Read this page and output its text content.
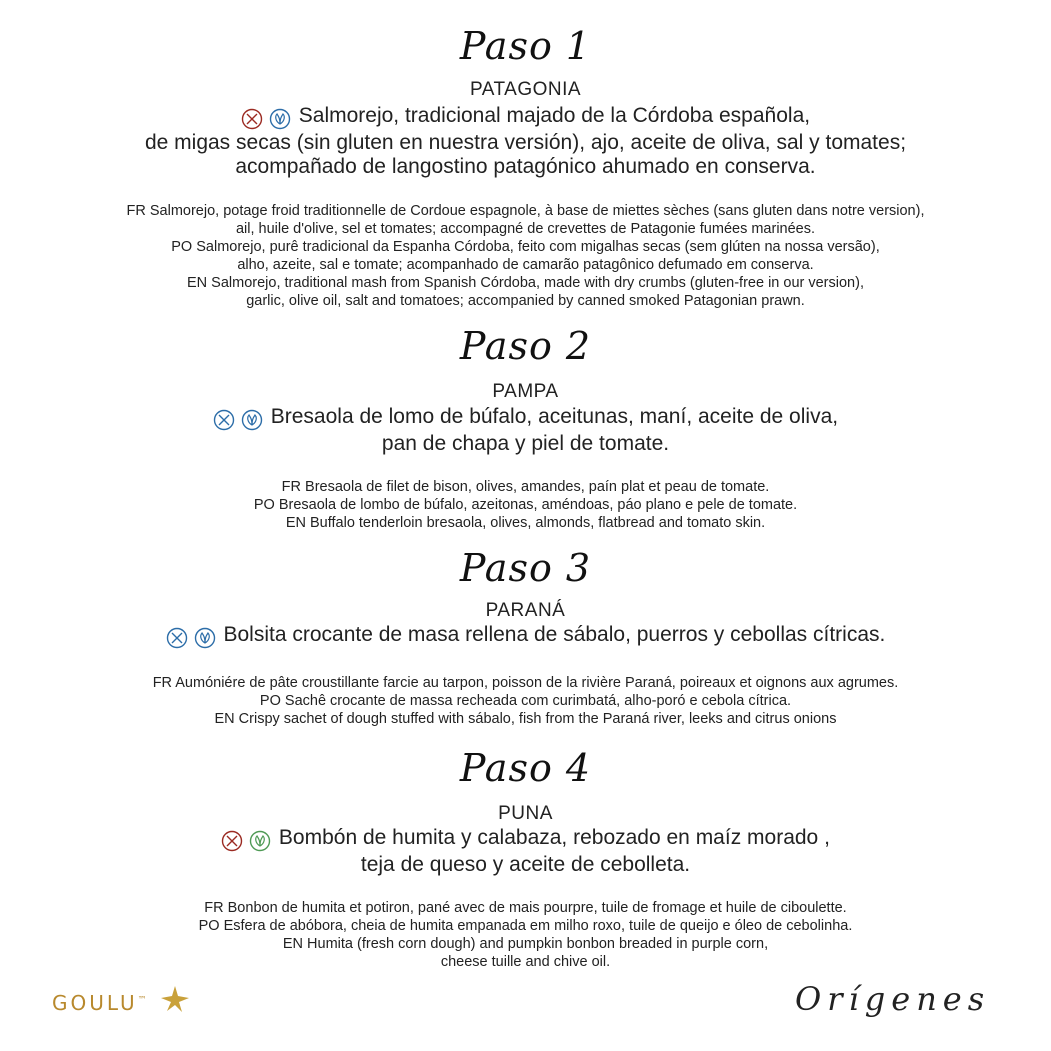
Paso 1
PATAGONIA
Salmorejo, tradicional majado de la Córdoba española,
de migas secas (sin gluten en nuestra versión), ajo, aceite de oliva, sal y tomates;
acompañado de langostino patagónico ahumado en conserva.
FR Salmorejo, potage froid traditionnelle de Cordoue espagnole, à base de miettes sèches (sans gluten dans notre version),
ail, huile d'olive, sel et tomates; accompagné de crevettes de Patagonie fumées marinées.
PO Salmorejo, purê tradicional da Espanha Córdoba, feito com migalhas secas (sem glúten na nossa versão),
alho, azeite, sal e tomate; acompanhado de camarão patagônico defumado em conserva.
EN Salmorejo, traditional mash from Spanish Córdoba, made with dry crumbs (gluten-free in our version),
garlic, olive oil, salt and tomatoes; accompanied by canned smoked Patagonian prawn.
Paso 2
PAMPA
Bresaola de lomo de búfalo, aceitunas, maní, aceite de oliva,
pan de chapa y piel de tomate.
FR Bresaola de filet de bison, olives, amandes, paín plat et peau de tomate.
PO Bresaola de lombo de búfalo, azeitonas, améndoas, páo plano e pele de tomate.
EN Buffalo tenderloin bresaola, olives, almonds, flatbread and tomato skin.
Paso 3
PARANÁ
Bolsita crocante de masa rellena de sábalo, puerros y cebollas cítricas.
FR Aumóniére de pâte croustillante farcie au tarpon, poisson de la rivière Paraná, poireaux et oignons aux agrumes.
PO Sachê crocante de massa recheada com curimbatá, alho-poró e cebola cítrica.
EN Crispy sachet of dough stuffed with sábalo, fish from the Paraná river, leeks and citrus onions
Paso 4
PUNA
Bombón de humita y calabaza, rebozado en maíz morado ,
teja de queso y aceite de cebolleta.
FR Bonbon de humita et potiron, pané avec de mais pourpre, tuile de fromage et huile de ciboulette.
PO Esfera de abóbora, cheia de humita empanada em milho roxo, tuile de queijo e óleo de cebolinha.
EN Humita (fresh corn dough) and pumpkin bonbon breaded in purple corn,
cheese tuille and chive oil.
GOULU™	Orígenes
